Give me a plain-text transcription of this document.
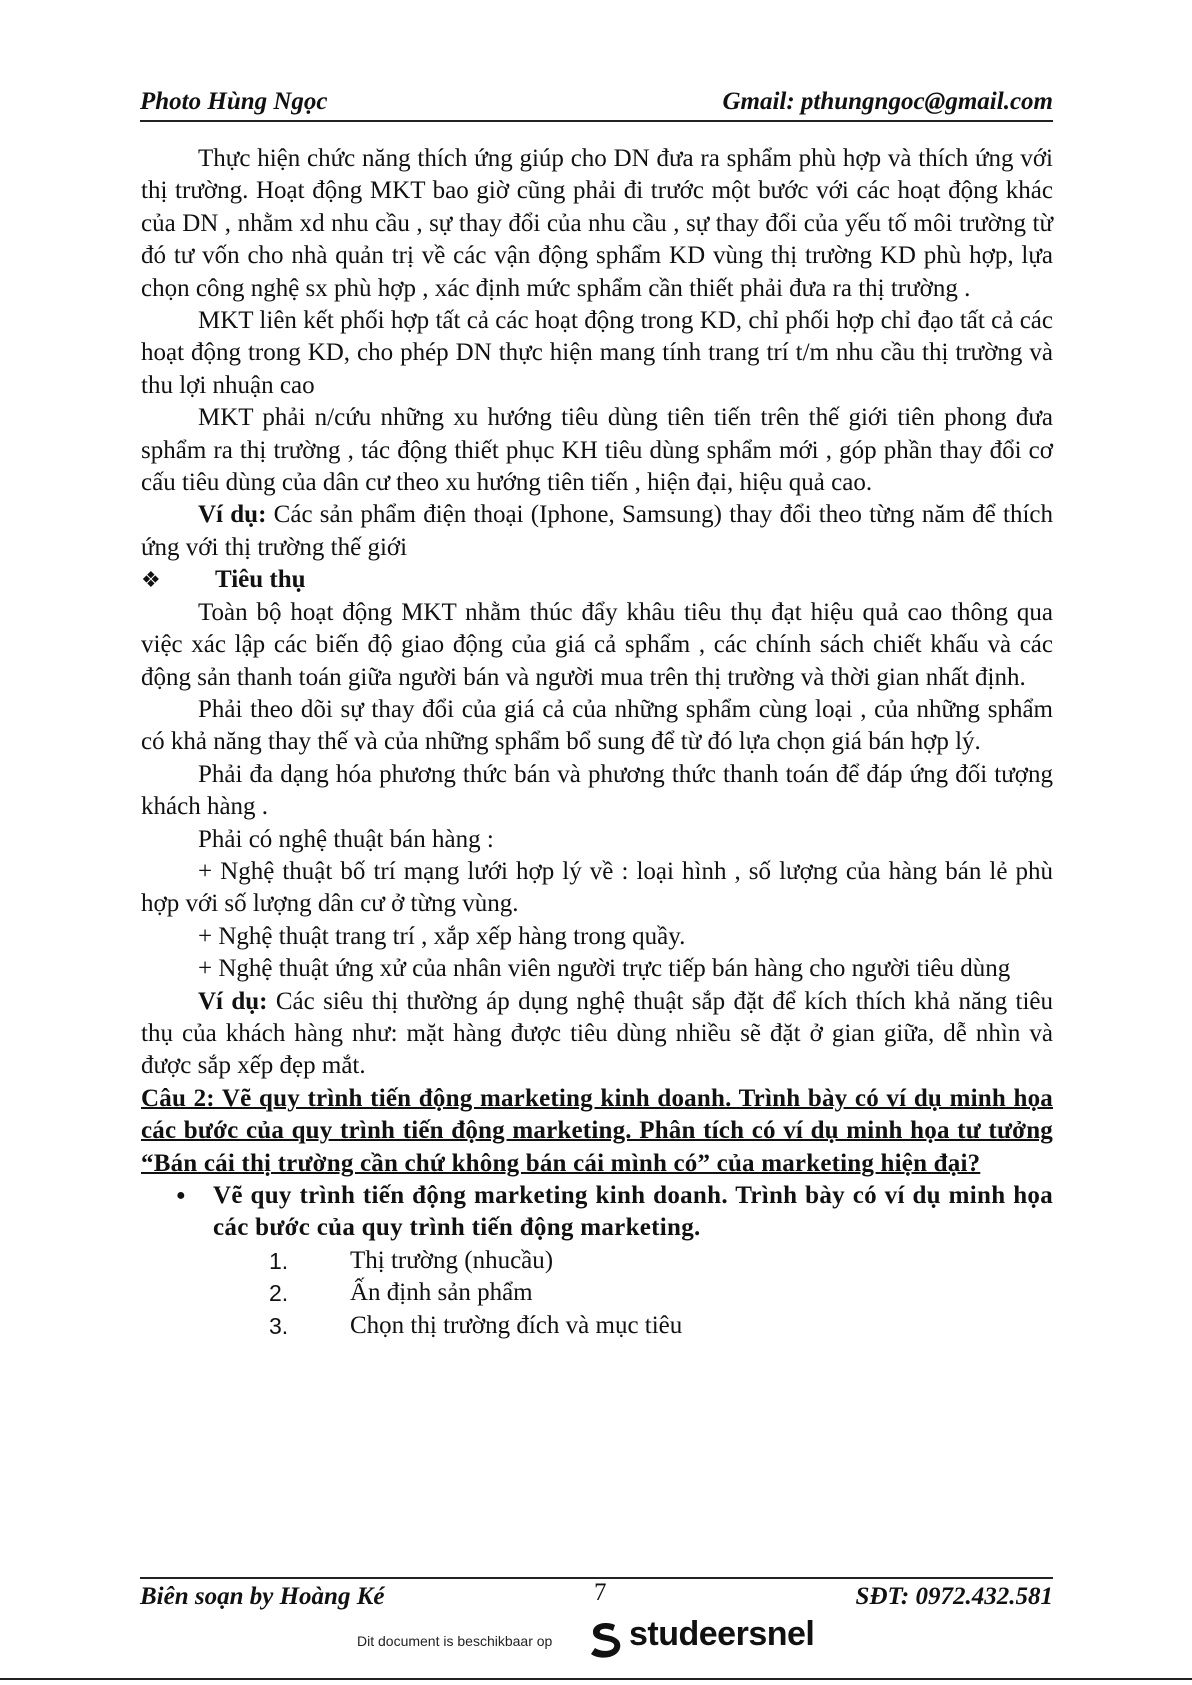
Photo Hùng Ngọc	Gmail: pthungngoc@gmail.com

Thực hiện chức năng thích ứng giúp cho DN đưa ra sphẩm phù hợp và thích ứng với thị trường. Hoạt động MKT bao giờ cũng phải đi trước một bước với các hoạt động khác của DN , nhằm xd nhu cầu , sự thay đổi của nhu cầu , sự thay đổi của yếu tố môi trường từ đó tư vốn cho nhà quản trị về các vận động sphẩm KD vùng thị trường KD phù hợp, lựa chọn công nghệ sx phù hợp , xác định mức sphẩm cần thiết phải đưa ra thị trường .

MKT liên kết phối hợp tất cả các hoạt động trong KD, chỉ phối hợp chỉ đạo tất cả các hoạt động trong KD, cho phép DN thực hiện mang tính trang trí t/m nhu cầu thị trường và thu lợi nhuận cao

MKT phải n/cứu những xu hướng tiêu dùng tiên tiến trên thế giới tiên phong đưa sphẩm ra thị trường , tác động thiết phục KH tiêu dùng sphẩm mới , góp phần thay đổi cơ cấu tiêu dùng của dân cư theo xu hướng tiên tiến , hiện đại, hiệu quả cao.

Ví dụ: Các sản phẩm điện thoại (Iphone, Samsung) thay đổi theo từng năm để thích ứng với thị trường thế giới

❖ Tiêu thụ

Toàn bộ hoạt động MKT nhằm thúc đẩy khâu tiêu thụ đạt hiệu quả cao thông qua việc xác lập các biến độ giao động của giá cả sphẩm , các chính sách chiết khấu và các động sản thanh toán giữa người bán và người mua trên thị trường và thời gian nhất định.

Phải theo dõi sự thay đổi của giá cả của những sphẩm cùng loại , của những sphẩm có khả năng thay thế và của những sphẩm bổ sung để từ đó lựa chọn giá bán hợp lý.

Phải đa dạng hóa phương thức bán và phương thức thanh toán để đáp ứng đối tượng khách hàng .

Phải có nghệ thuật bán hàng :

+ Nghệ thuật bố trí mạng lưới hợp lý về : loại hình , số lượng của hàng bán lẻ phù hợp với số lượng dân cư ở từng vùng.

+ Nghệ thuật trang trí , xắp xếp hàng trong quầy.

+ Nghệ thuật ứng xử của nhân viên người trực tiếp bán hàng cho người tiêu dùng

Ví dụ: Các siêu thị thường áp dụng nghệ thuật sắp đặt để kích thích khả năng tiêu thụ của khách hàng như: mặt hàng được tiêu dùng nhiều sẽ đặt ở gian giữa, dễ nhìn và được sắp xếp đẹp mắt.

Câu 2: Vẽ quy trình tiến động marketing kinh doanh. Trình bày có ví dụ minh họa các bước của quy trình tiến động marketing. Phân tích có ví dụ minh họa tư tưởng “Bán cái thị trường cần chứ không bán cái mình có” của marketing hiện đại?

● Vẽ quy trình tiến động marketing kinh doanh. Trình bày có ví dụ minh họa các bước của quy trình tiến động marketing.

1. Thị trường (nhucầu)
2. Ấn định sản phẩm
3. Chọn thị trường đích và mục tiêu
Biên soạn by Hoàng Ké	7	SĐT: 0972.432.581
Dit document is beschikbaar op studeersnel
